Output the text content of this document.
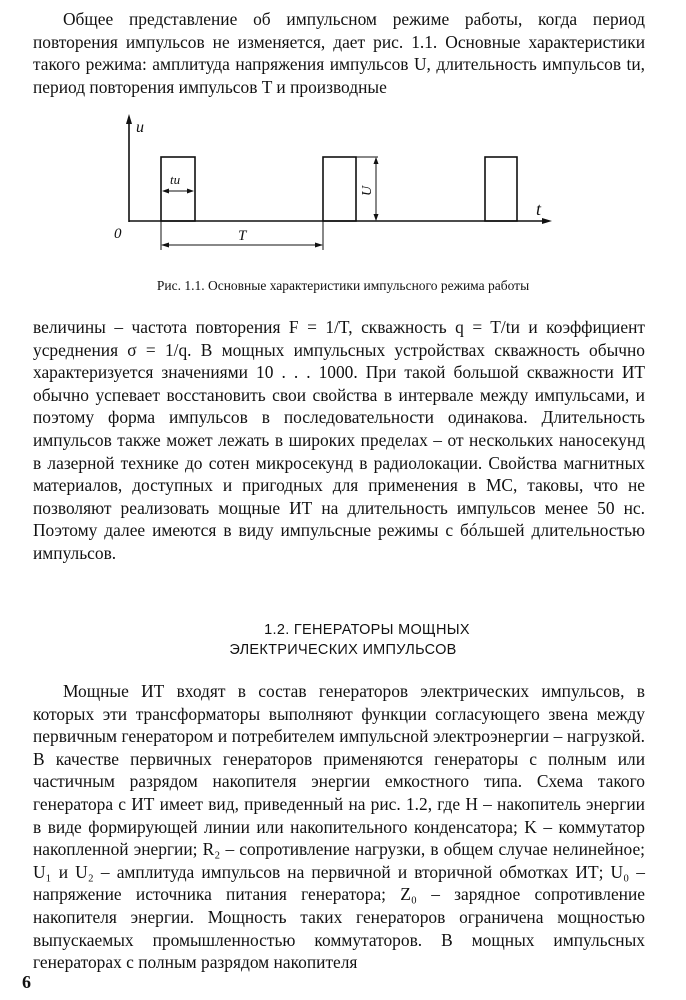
Общее представление об импульсном режиме работы, когда период повторения импульсов не изменяется, дает рис. 1.1. Основные характеристики такого режима: амплитуда напряжения импульсов U, длительность импульсов tи, период повторения импульсов T и производные

u
t
0
tи
T
U
Рис. 1.1. Основные характеристики импульсного режима работы

величины – частота повторения F = 1/T, скважность q = T/tи и коэффициент усреднения σ = 1/q. В мощных импульсных устройствах скважность обычно характеризуется значениями 10 . . . 1000. При такой большой скважности ИТ обычно успевает восстановить свои свойства в интервале между импульсами, и поэтому форма импульсов в последовательности одинакова. Длительность импульсов также может лежать в широких пределах – от нескольких наносекунд в лазерной технике до сотен микросекунд в радиолокации. Свойства магнитных материалов, доступных и пригодных для применения в МС, таковы, что не позволяют реализовать мощные ИТ на длительность импульсов менее 50 нс. Поэтому далее имеются в виду импульсные режимы с бóльшей длительностью импульсов.

1.2. ГЕНЕРАТОРЫ МОЩНЫХ
ЭЛЕКТРИЧЕСКИХ ИМПУЛЬСОВ

Мощные ИТ входят в состав генераторов электрических импульсов, в которых эти трансформаторы выполняют функции согласующего звена между первичным генератором и потребителем импульсной электроэнергии – нагрузкой. В качестве первичных генераторов применяются генераторы с полным или частичным разрядом накопителя энергии емкостного типа. Схема такого генератора с ИТ имеет вид, приведенный на рис. 1.2, где H – накопитель энергии в виде формирующей линии или накопительного конденсатора; K – коммутатор накопленной энергии; R₂ – сопротивление нагрузки, в общем случае нелинейное; U₁ и U₂ – амплитуда импульсов на первичной и вторичной обмотках ИТ; U₀ – напряжение источника питания генератора; Z₀ – зарядное сопротивление накопителя энергии. Мощность таких генераторов ограничена мощностью выпускаемых промышленностью коммутаторов. В мощных импульсных генераторах с полным разрядом накопителя

6
